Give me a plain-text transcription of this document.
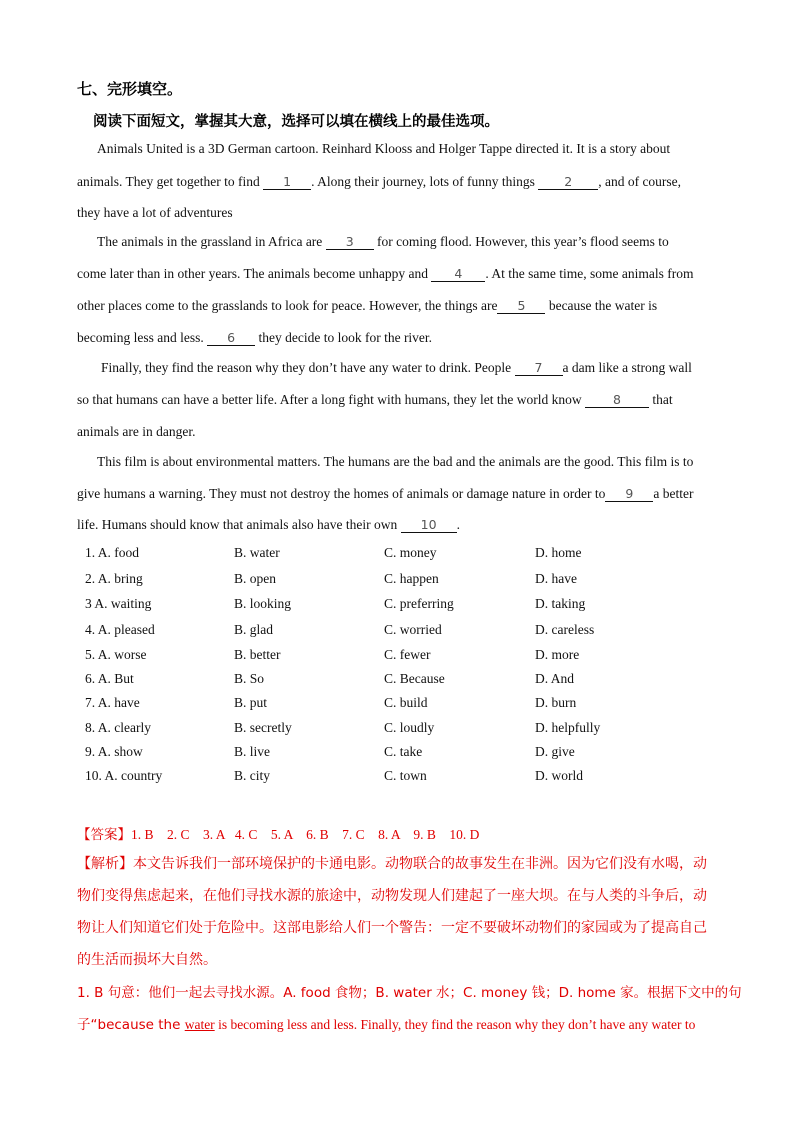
七、完形填空。
阅读下面短文，掌握其大意，选择可以填在横线上的最佳选项。
Animals United is a 3D German cartoon. Reinhard Klooss and Holger Tappe directed it. It is a story about
animals. They get together to find 1 . Along their journey, lots of funny things 2 , and of course,
they have a lot of adventures
The animals in the grassland in Africa are 3 for coming flood. However, this year’s flood seems to
come later than in other years. The animals become unhappy and 4 . At the same time, some animals from
other places come to the grasslands to look for peace. However, the things are 5 because the water is
becoming less and less. 6 they decide to look for the river.
Finally, they find the reason why they don’t have any water to drink. People 7 a dam like a strong wall
so that humans can have a better life. After a long fight with humans, they let the world know 8 that
animals are in danger.
This film is about environmental matters. The humans are the bad and the animals are the good. This film is to
give humans a warning. They must not destroy the homes of animals or damage nature in order to 9 a better
life. Humans should know that animals also have their own 10 .
1. A. food	B. water	C. money	D. home
2. A. bring	B. open	C. happen	D. have
3 A. waiting	B. looking	C. preferring	D. taking
4. A. pleased	B. glad	C. worried	D. careless
5. A. worse	B. better	C. fewer	D. more
6. A. But	B. So	C. Because	D. And
7. A. have	B. put	C. build	D. burn
8. A. clearly	B. secretly	C. loudly	D. helpfully
9. A. show	B. live	C. take	D. give
10. A. country	B. city	C. town	D. world
【答案】1. B    2. C    3. A   4. C    5. A    6. B    7. C    8. A    9. B    10. D
【解析】本文告诉我们一部环境保护的卡通电影。动物联合的故事发生在非洲。因为它们没有水喝，动
物们变得焦虑起来，在他们寻找水源的旅途中，动物发现人们建起了一座大坝。在与人类的斗争后，动
物让人们知道它们处于危险中。这部电影给人们一个警告：一定不要破坏动物们的家园或为了提高自己
的生活而损坏大自然。
1. B 句意：他们一起去寻找水源。A. food 食物；B. water 水；C. money 钱；D. home 家。根据下文中的句
子“because the water is becoming less and less. Finally, they find the reason why they don’t have any water to
